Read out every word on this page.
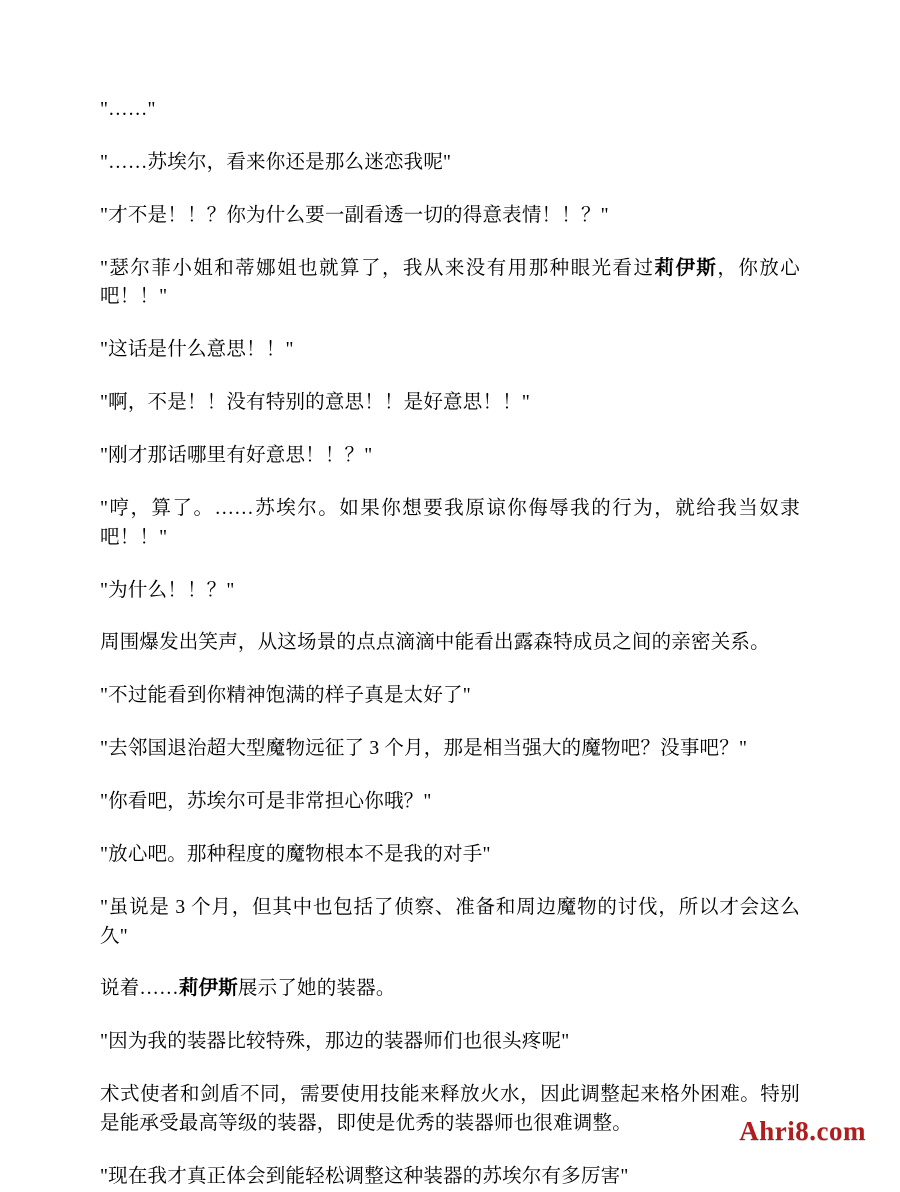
"……"

"……苏埃尔，看来你还是那么迷恋我呢"

"才不是！！？你为什么要一副看透一切的得意表情！！？"

"瑟尔菲小姐和蒂娜姐也就算了，我从来没有用那种眼光看过莉伊斯，你放心吧！！"

"这话是什么意思！！"

"啊，不是！！没有特别的意思！！是好意思！！"

"刚才那话哪里有好意思！！？"

"哼，算了。……苏埃尔。如果你想要我原谅你侮辱我的行为，就给我当奴隶吧！！"

"为什么！！？"

周围爆发出笑声，从这场景的点点滴滴中能看出露森特成员之间的亲密关系。

"不过能看到你精神饱满的样子真是太好了"

"去邻国退治超大型魔物远征了 3 个月，那是相当强大的魔物吧？没事吧？"

"你看吧，苏埃尔可是非常担心你哦？"

"放心吧。那种程度的魔物根本不是我的对手"

"虽说是 3 个月，但其中也包括了侦察、准备和周边魔物的讨伐，所以才会这么久"

说着……莉伊斯展示了她的装器。

"因为我的装器比较特殊，那边的装器师们也很头疼呢"

术式使者和剑盾不同，需要使用技能来释放火水，因此调整起来格外困难。特别是能承受最高等级的装器，即使是优秀的装器师也很难调整。

"现在我才真正体会到能轻松调整这种装器的苏埃尔有多厉害"

Ahri8.com
